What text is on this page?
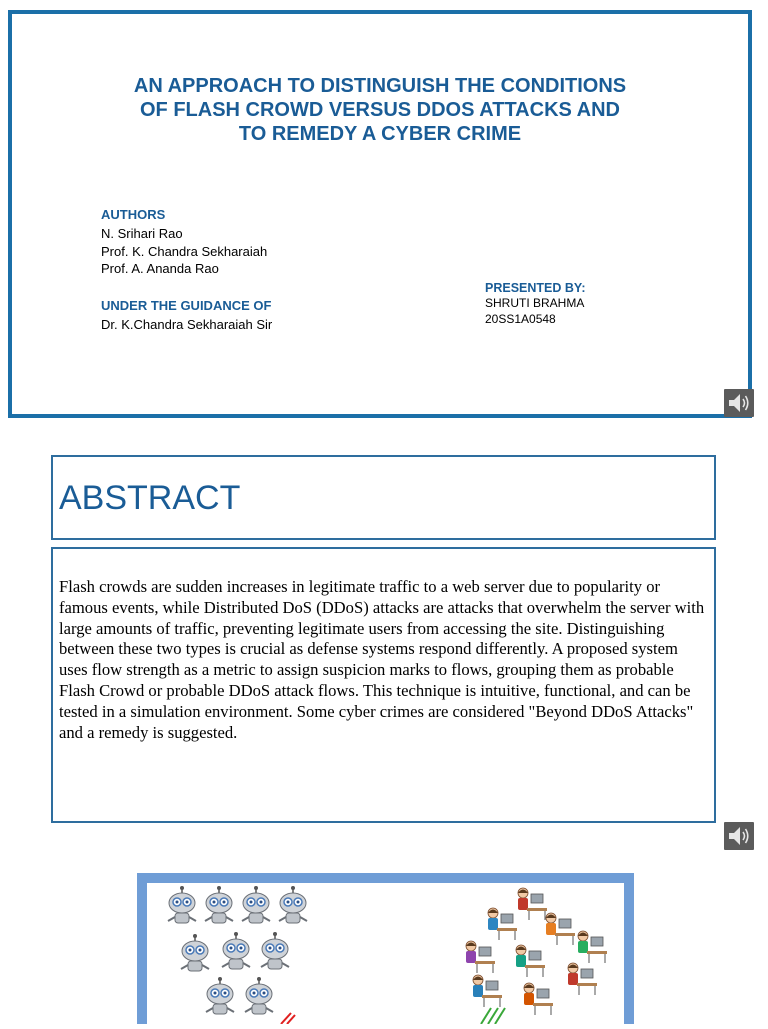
AN APPROACH TO DISTINGUISH THE CONDITIONS
OF FLASH CROWD VERSUS DDOS ATTACKS AND
TO REMEDY A CYBER CRIME
AUTHORS
N. Srihari Rao
Prof. K. Chandra Sekharaiah
Prof. A. Ananda Rao
UNDER THE GUIDANCE OF
Dr. K.Chandra Sekharaiah Sir
PRESENTED BY:
SHRUTI BRAHMA
20SS1A0548
ABSTRACT
Flash crowds are sudden increases in legitimate traffic to a web server due to popularity or famous events, while Distributed DoS (DDoS) attacks are attacks that overwhelm the server with large amounts of traffic, preventing legitimate users from accessing the site. Distinguishing between these two types is crucial as defense systems respond differently. A proposed system uses flow strength as a metric to assign suspicion marks to flows, grouping them as probable Flash Crowd or probable DDoS attack flows. This technique is intuitive, functional, and can be tested in a simulation environment. Some cyber crimes are considered "Beyond DDoS Attacks" and a remedy is suggested.
